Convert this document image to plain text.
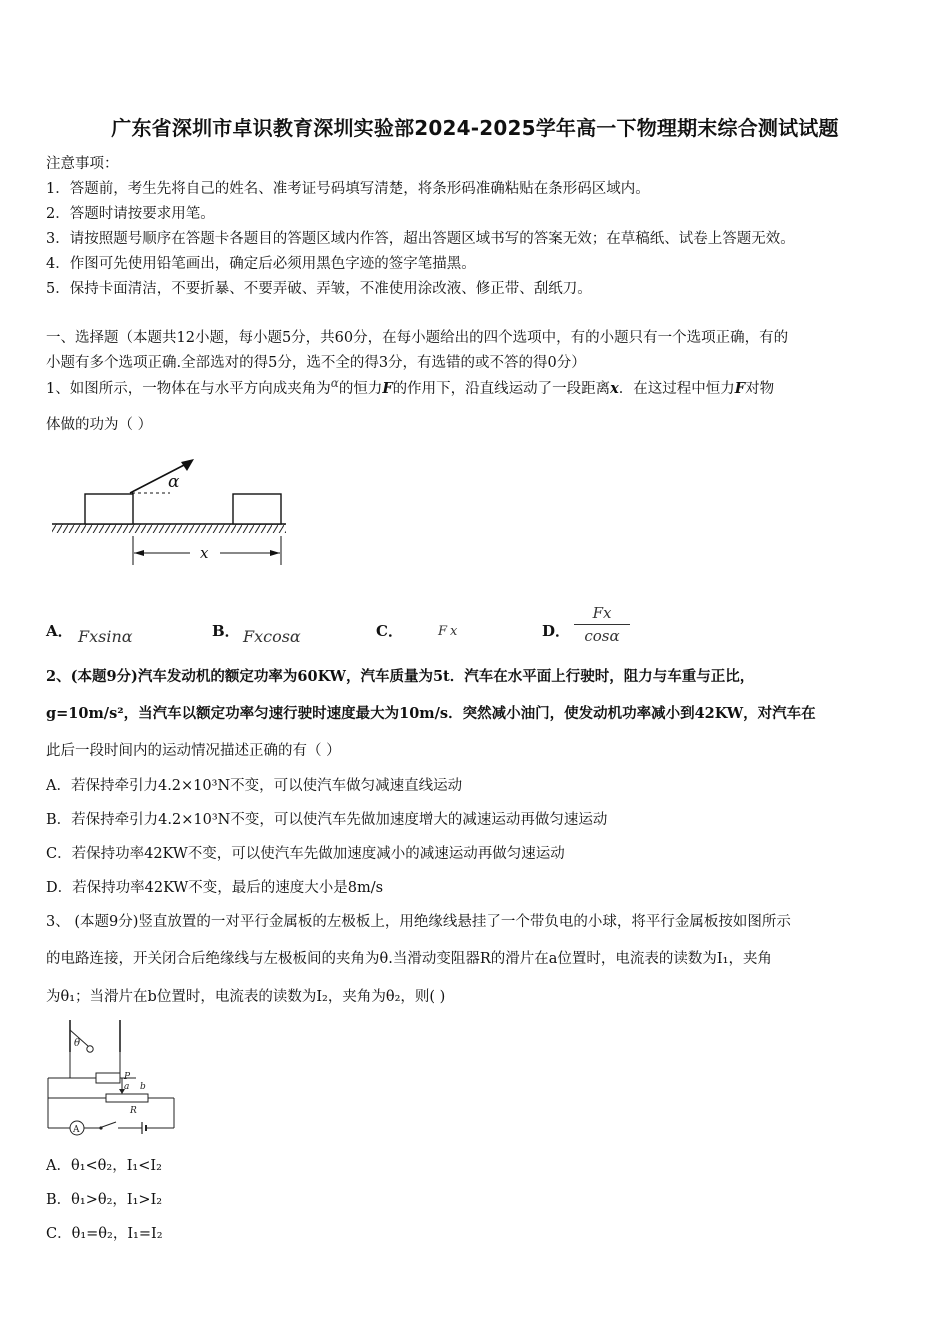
广东省深圳市卓识教育深圳实验部2024-2025学年高一下物理期末综合测试试题
注意事项：
1．答题前，考生先将自己的姓名、准考证号码填写清楚，将条形码准确粘贴在条形码区域内。
2．答题时请按要求用笔。
3．请按照题号顺序在答题卡各题目的答题区域内作答，超出答题区域书写的答案无效；在草稿纸、试卷上答题无效。
4．作图可先使用铅笔画出，确定后必须用黑色字迹的签字笔描黑。
5．保持卡面清洁，不要折暴、不要弄破、弄皱，不准使用涂改液、修正带、刮纸刀。
一、选择题（本题共12小题，每小题5分，共60分，在每小题给出的四个选项中，有的小题只有一个选项正确，有的
小题有多个选项正确.全部选对的得5分，选不全的得3分，有选错的或不答的得0分）
1、如图所示，一物体在与水平方向成夹角为$^\alpha$的恒力F的作用下，沿直线运动了一段距离x．在这过程中恒力F对物
体做的功为（ ）
α
x
A． Fxsinα	B． Fxcosα	C．	Fx	D． $\frac{Fx}{\cos\alpha}$
2、(本题9分)汽车发动机的额定功率为60KW，汽车质量为5t．汽车在水平面上行驶时，阻力与车重与正比，
g=10m/s²，当汽车以额定功率匀速行驶时速度最大为10m/s．突然减小油门，使发动机功率减小到42KW，对汽车在
此后一段时间内的运动情况描述正确的有（ ）
A．若保持牵引力4.2×10³N不变，可以使汽车做匀减速直线运动
B．若保持牵引力4.2×10³N不变，可以使汽车先做加速度增大的减速运动再做匀速运动
C．若保持功率42KW不变，可以使汽车先做加速度减小的减速运动再做匀速运动
D．若保持功率42KW不变，最后的速度大小是8m/s
3、 (本题9分)竖直放置的一对平行金属板的左极板上，用绝缘线悬挂了一个带负电的小球，将平行金属板按如图所示
的电路连接，开关闭合后绝缘线与左极板间的夹角为θ.当滑动变阻器R的滑片在a位置时，电流表的读数为I₁，夹角
为θ₁；当滑片在b位置时，电流表的读数为I₂，夹角为θ₂，则( )
θ
P
a b
R
A
A．θ₁<θ₂，I₁<I₂
B．θ₁>θ₂，I₁>I₂
C．θ₁=θ₂，I₁=I₂
